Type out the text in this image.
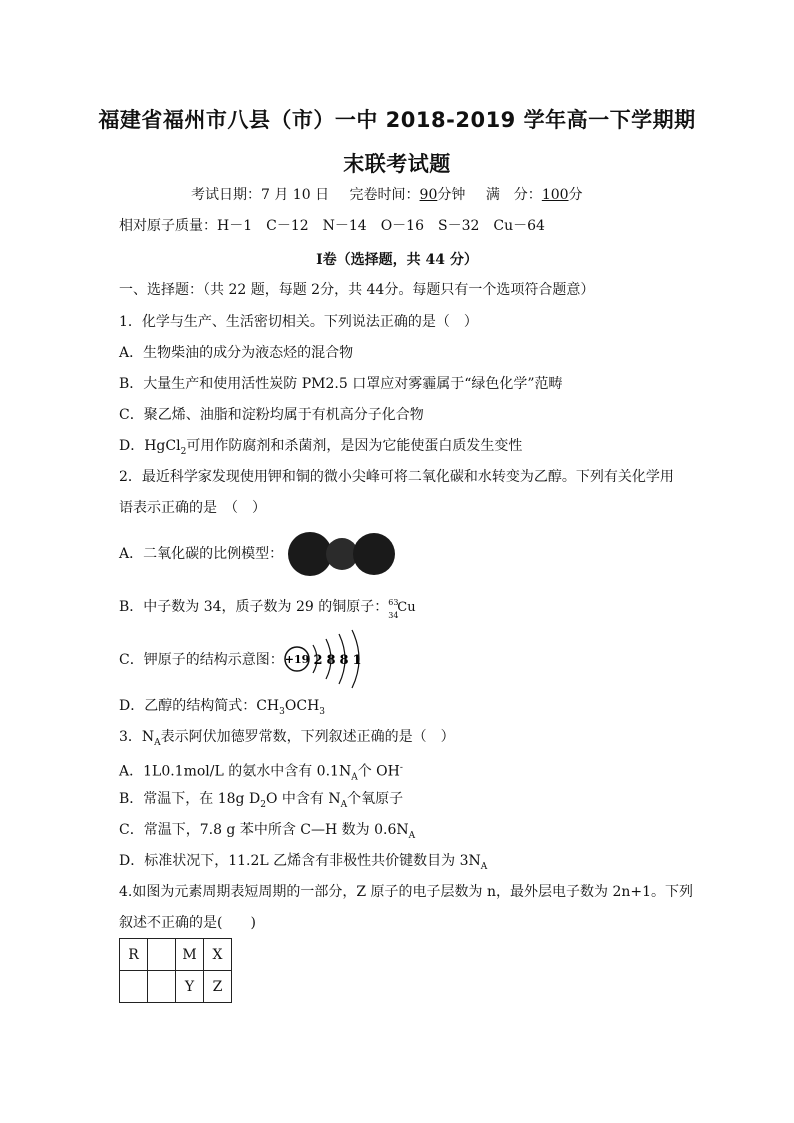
福建省福州市八县（市）一中 2018-2019 学年高一下学期期
末联考试题
考试日期：7 月 10 日 完卷时间：90分钟 满　分：100分
相对原子质量：H－1　C－12　N－14　O－16　S－32　Cu－64
Ⅰ卷（选择题，共 44 分）
一、选择题：（共 22 题，每题 2分，共 44分。每题只有一个选项符合题意）
1．化学与生产、生活密切相关。下列说法正确的是（　）
A．生物柴油的成分为液态烃的混合物
B．大量生产和使用活性炭防 PM2.5 口罩应对雾霾属于“绿色化学”范畴
C．聚乙烯、油脂和淀粉均属于有机高分子化合物
D．HgCl$_2$可用作防腐剂和杀菌剂，是因为它能使蛋白质发生变性
2．最近科学家发现使用钾和铜的微小尖峰可将二氧化碳和水转变为乙醇。下列有关化学用
语表示正确的是　（　）
A．二氧化碳的比例模型：
B．中子数为 34，质子数为 29 的铜原子： 63
34
Cu
C．钾原子的结构示意图： +19 2 8 8 1
D．乙醇的结构简式：$CH_3OCH_3$
3．$N_A$表示阿伏加德罗常数，下列叙述正确的是（　）
A．1L0.1mol/L 的氨水中含有 $0.1N_A$个 OH-
B．常温下，在 18g $D_2O$ 中含有 $N_A$个氧原子
C．常温下，7.8 g 苯中所含 C—H 数为 $0.6N_A$
D．标准状况下，11.2L 乙烯含有非极性共价键数目为 $3N_A$
4.如图为元素周期表短周期的一部分，Z 原子的电子层数为 n，最外层电子数为 2n+1。下列
叙述不正确的是(　　)
R		M	X
		Y	Z
